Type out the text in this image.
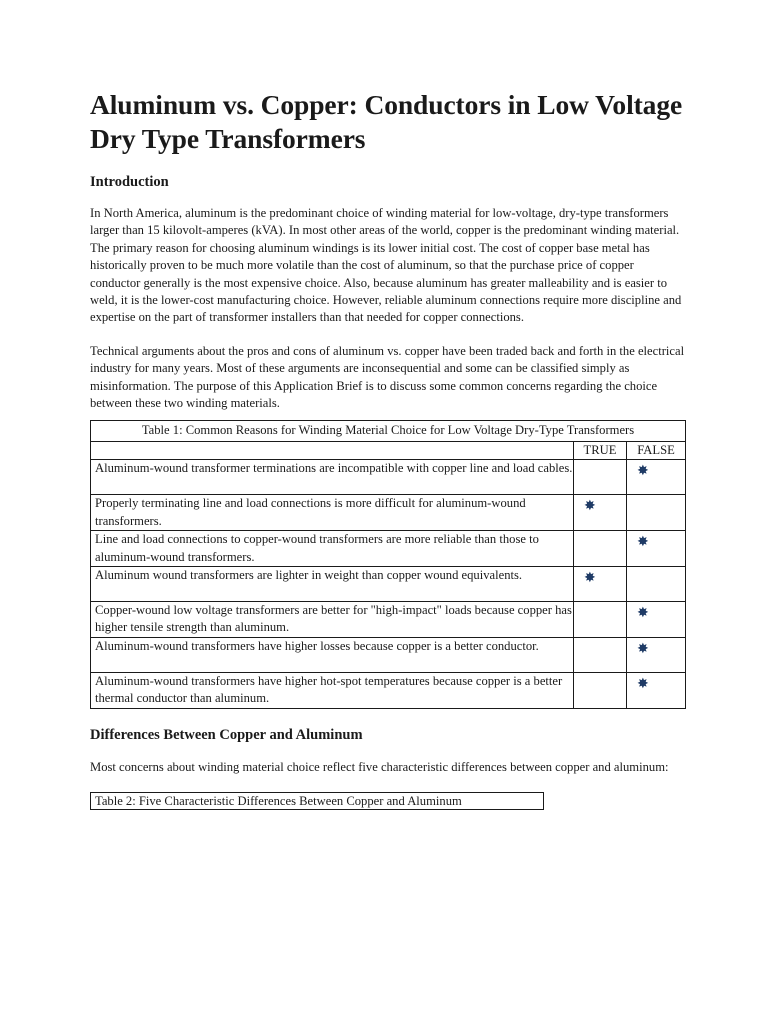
Aluminum vs. Copper: Conductors in Low Voltage Dry Type Transformers
Introduction

In North America, aluminum is the predominant choice of winding material for low-voltage, dry-type transformers larger than 15 kilovolt-amperes (kVA). In most other areas of the world, copper is the predominant winding material. The primary reason for choosing aluminum windings is its lower initial cost. The cost of copper base metal has historically proven to be much more volatile than the cost of aluminum, so that the purchase price of copper conductor generally is the most expensive choice. Also, because aluminum has greater malleability and is easier to weld, it is the lower-cost manufacturing choice. However, reliable aluminum connections require more discipline and expertise on the part of transformer installers than that needed for copper connections.

Technical arguments about the pros and cons of aluminum vs. copper have been traded back and forth in the electrical industry for many years. Most of these arguments are inconsequential and some can be classified simply as misinformation. The purpose of this Application Brief is to discuss some common concerns regarding the choice between these two winding materials.

Table 1: Common Reasons for Winding Material Choice for Low Voltage Dry-Type Transformers		
	TRUE	FALSE
Aluminum-wound transformer terminations are incompatible with copper line and load cables.		✸
Properly terminating line and load connections is more difficult for aluminum-wound transformers.	✸	
Line and load connections to copper-wound transformers are more reliable than those to aluminum-wound transformers.		✸
Aluminum wound transformers are lighter in weight than copper wound equivalents.	✸	
Copper-wound low voltage transformers are better for "high-impact" loads because copper has higher tensile strength than aluminum.		✸
Aluminum-wound transformers have higher losses because copper is a better conductor.		✸
Aluminum-wound transformers have higher hot-spot temperatures because copper is a better thermal conductor than aluminum.		✸
Differences Between Copper and Aluminum

Most concerns about winding material choice reflect five characteristic differences between copper and aluminum:

Table 2: Five Characteristic Differences Between Copper and Aluminum
